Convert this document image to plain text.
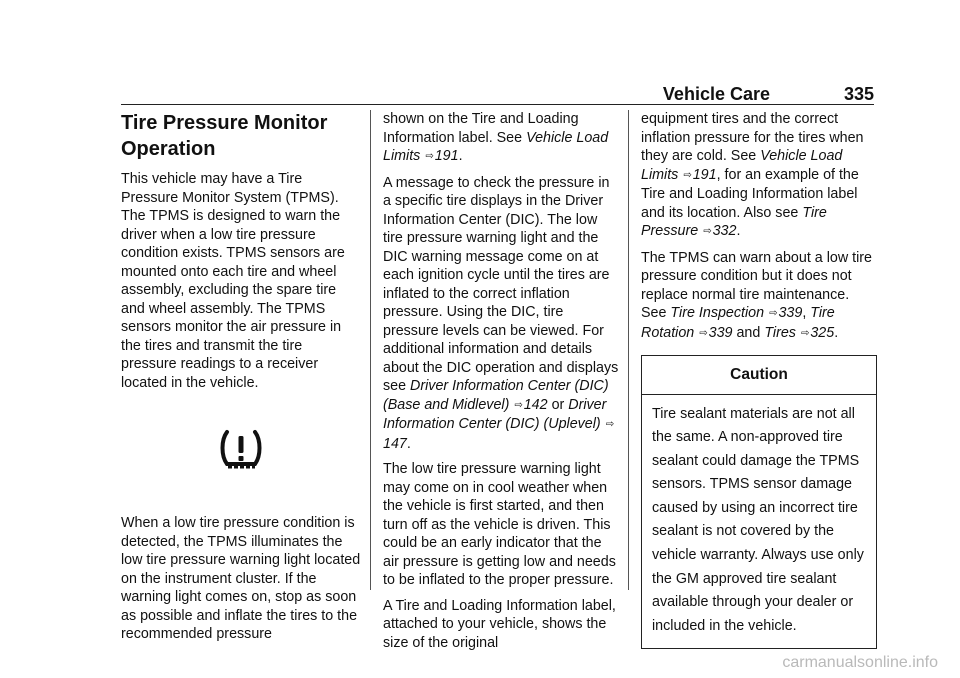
Vehicle Care	335
Tire Pressure Monitor
Operation

This vehicle may have a Tire Pressure Monitor System (TPMS). The TPMS is designed to warn the driver when a low tire pressure condition exists. TPMS sensors are mounted onto each tire and wheel assembly, excluding the spare tire and wheel assembly. The TPMS sensors monitor the air pressure in the tires and transmit the tire pressure readings to a receiver located in the vehicle.

When a low tire pressure condition is detected, the TPMS illuminates the low tire pressure warning light located on the instrument cluster. If the warning light comes on, stop as soon as possible and inflate the tires to the recommended pressure

shown on the Tire and Loading Information label. See Vehicle Load Limits ⇨191.

A message to check the pressure in a specific tire displays in the Driver Information Center (DIC). The low tire pressure warning light and the DIC warning message come on at each ignition cycle until the tires are inflated to the correct inflation pressure. Using the DIC, tire pressure levels can be viewed. For additional information and details about the DIC operation and displays see Driver Information Center (DIC) (Base and Midlevel) ⇨142 or Driver Information Center (DIC) (Uplevel) ⇨147.

The low tire pressure warning light may come on in cool weather when the vehicle is first started, and then turn off as the vehicle is driven. This could be an early indicator that the air pressure is getting low and needs to be inflated to the proper pressure.

A Tire and Loading Information label, attached to your vehicle, shows the size of the original

equipment tires and the correct inflation pressure for the tires when they are cold. See Vehicle Load Limits ⇨191, for an example of the Tire and Loading Information label and its location. Also see Tire Pressure ⇨332.

The TPMS can warn about a low tire pressure condition but it does not replace normal tire maintenance. See Tire Inspection ⇨339, Tire Rotation ⇨339 and Tires ⇨325.

Caution
Tire sealant materials are not all the same. A non-approved tire sealant could damage the TPMS sensors. TPMS sensor damage caused by using an incorrect tire sealant is not covered by the vehicle warranty. Always use only the GM approved tire sealant available through your dealer or included in the vehicle.
carmanualsonline.info
